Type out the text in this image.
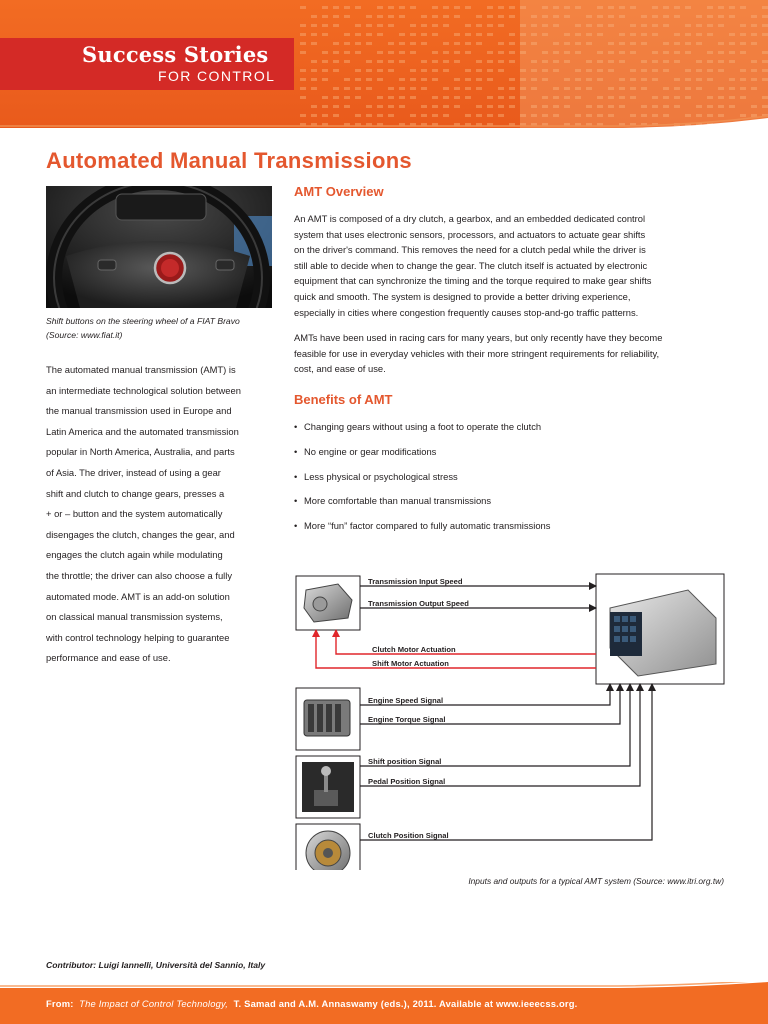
Success Stories
FOR CONTROL
Automated Manual Transmissions
Shift buttons on the steering wheel of a FIAT Bravo
(Source: www.fiat.it)
The automated manual transmission (AMT) is
an intermediate technological solution between
the manual transmission used in Europe and
Latin America and the automated transmission
popular in North America, Australia, and parts
of Asia. The driver, instead of using a gear
shift and clutch to change gears, presses a
+ or – button and the system automatically
disengages the clutch, changes the gear, and
engages the clutch again while modulating
the throttle; the driver can also choose a fully
automated mode. AMT is an add-on solution
on classical manual transmission systems,
with control technology helping to guarantee
performance and ease of use.
AMT Overview
An AMT is composed of a dry clutch, a gearbox, and an embedded dedicated control
system that uses electronic sensors, processors, and actuators to actuate gear shifts
on the driver's command. This removes the need for a clutch pedal while the driver is
still able to decide when to change the gear. The clutch itself is actuated by electronic
equipment that can synchronize the timing and the torque required to make gear shifts
quick and smooth. The system is designed to provide a better driving experience,
especially in cities where congestion frequently causes stop-and-go traffic patterns.
AMTs have been used in racing cars for many years, but only recently have they become
feasible for use in everyday vehicles with their more stringent requirements for reliability,
cost, and ease of use.
Benefits of AMT
• Changing gears without using a foot to operate the clutch
• No engine or gear modifications
• Less physical or psychological stress
• More comfortable than manual transmissions
• More “fun” factor compared to fully automatic transmissions
Transmission Input Speed
Transmission Output Speed
Clutch Motor Actuation
Shift Motor Actuation
Engine Speed Signal
Engine Torque Signal
Shift position Signal
Pedal Position Signal
Clutch Position Signal
Inputs and outputs for a typical AMT system (Source: www.itri.org.tw)
Contributor: Luigi Iannelli, Università del Sannio, Italy
From: The Impact of Control Technology, T. Samad and A.M. Annaswamy (eds.), 2011. Available at www.ieeecss.org.
